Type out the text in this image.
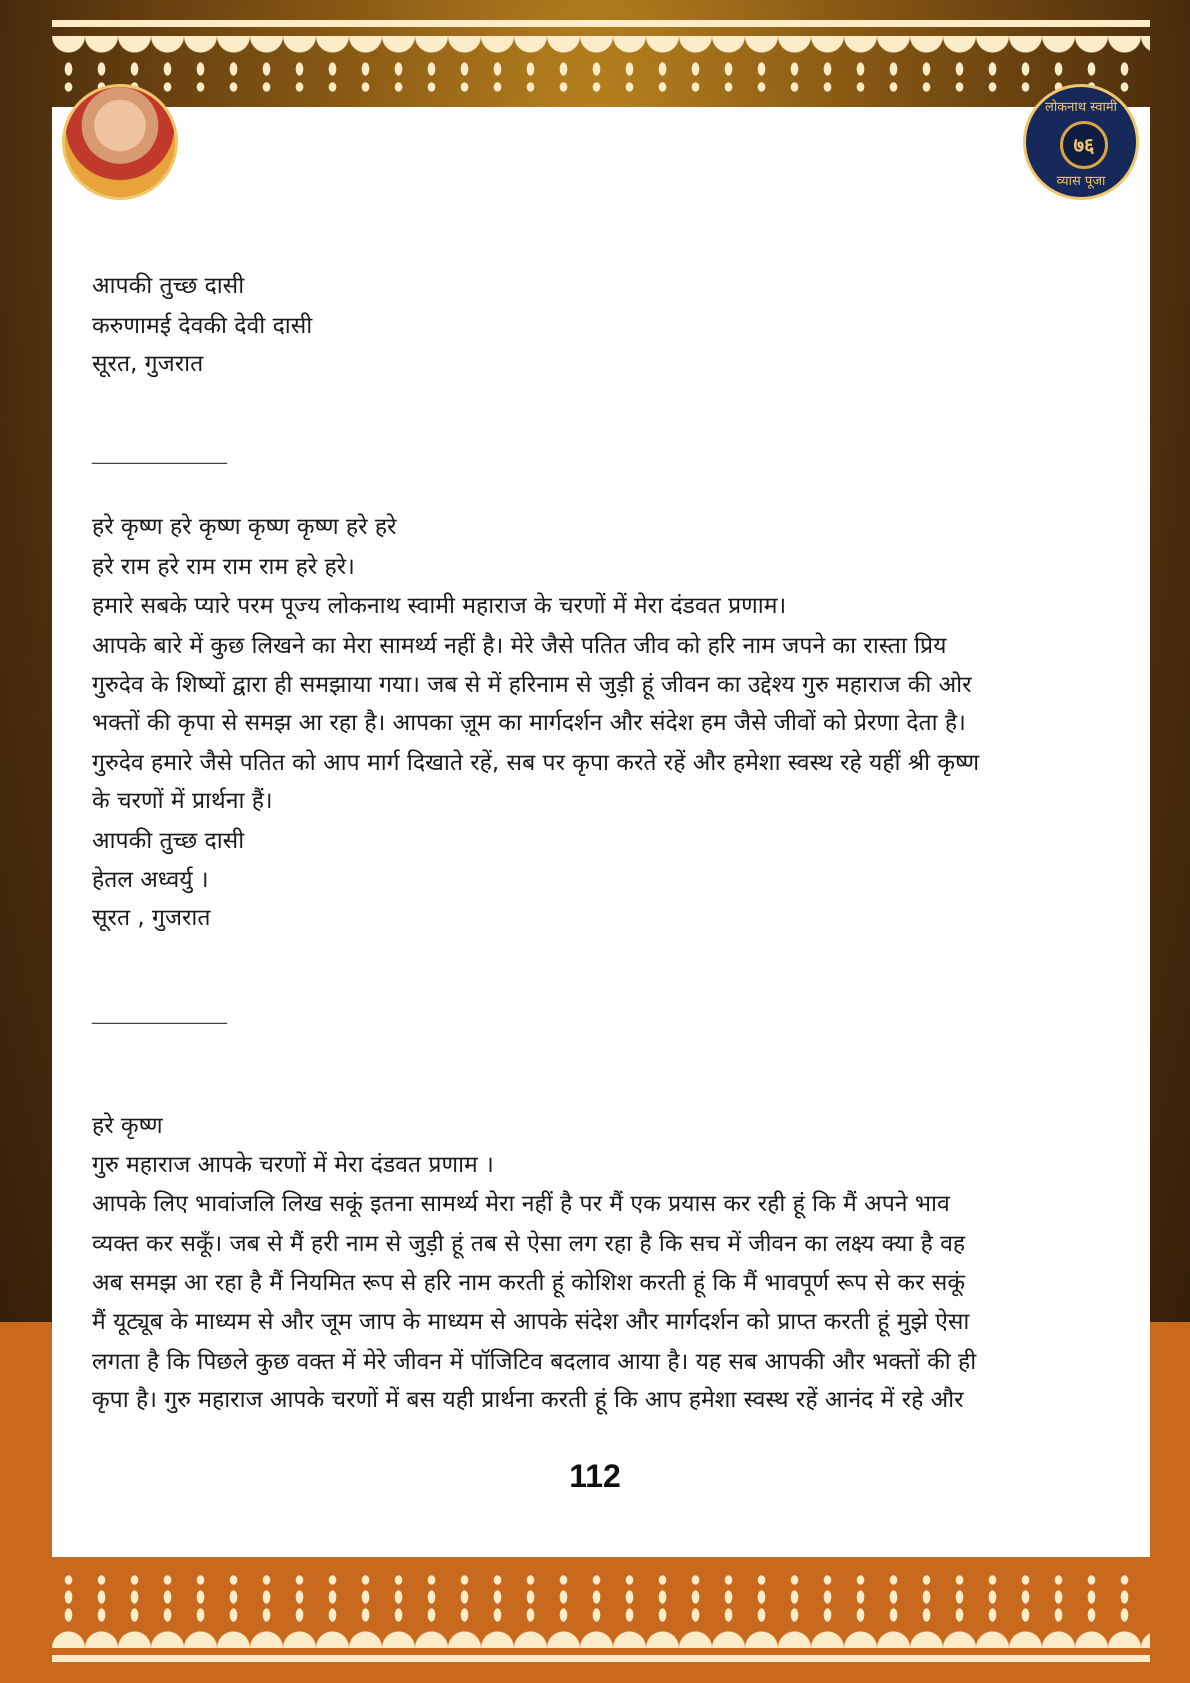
लोकनाथ स्वामी
७६
व्यास पूजा
आपकी तुच्छ दासी
करुणामई देवकी देवी दासी
सूरत, गुजरात
_______________
हरे कृष्ण हरे कृष्ण कृष्ण कृष्ण हरे हरे
हरे राम हरे राम राम राम हरे हरे।
हमारे सबके प्यारे परम पूज्य लोकनाथ स्वामी महाराज के चरणों में मेरा दंडवत प्रणाम।
आपके बारे में कुछ लिखने का मेरा सामर्थ्य नहीं है। मेरे जैसे पतित जीव को हरि नाम जपने का रास्ता प्रिय
गुरुदेव के शिष्यों द्वारा ही समझाया गया। जब से में हरिनाम से जुड़ी हूं जीवन का उद्देश्य गुरु महाराज की ओर
भक्तों की कृपा से समझ आ रहा है। आपका ज़ूम का मार्गदर्शन और संदेश हम जैसे जीवों को प्रेरणा देता है।
गुरुदेव हमारे जैसे पतित को आप मार्ग दिखाते रहें, सब पर कृपा करते रहें और हमेशा स्वस्थ रहे यहीं श्री कृष्ण
के चरणों में प्रार्थना हैं।
आपकी तुच्छ दासी
हेतल अध्वर्यु ।
सूरत , गुजरात
_______________
हरे कृष्ण
गुरु महाराज आपके चरणों में मेरा दंडवत प्रणाम ।
आपके लिए भावांजलि लिख सकूं इतना सामर्थ्य मेरा नहीं है पर मैं एक प्रयास कर रही हूं कि मैं अपने भाव
व्यक्त कर सकूँ। जब से मैं हरी नाम से जुड़ी हूं तब से ऐसा लग रहा है कि सच में जीवन का लक्ष्य क्या है वह
अब समझ आ रहा है मैं नियमित रूप से हरि नाम करती हूं कोशिश करती हूं कि मैं भावपूर्ण रूप से कर सकूं
मैं यूट्यूब के माध्यम से और जूम जाप के माध्यम से आपके संदेश और मार्गदर्शन को प्राप्त करती हूं मुझे ऐसा
लगता है कि पिछले कुछ वक्त में मेरे जीवन में पॉजिटिव बदलाव आया है। यह सब आपकी और भक्तों की ही
कृपा है। गुरु महाराज आपके चरणों में बस यही प्रार्थना करती हूं कि आप हमेशा स्वस्थ रहें आनंद में रहे और
112
